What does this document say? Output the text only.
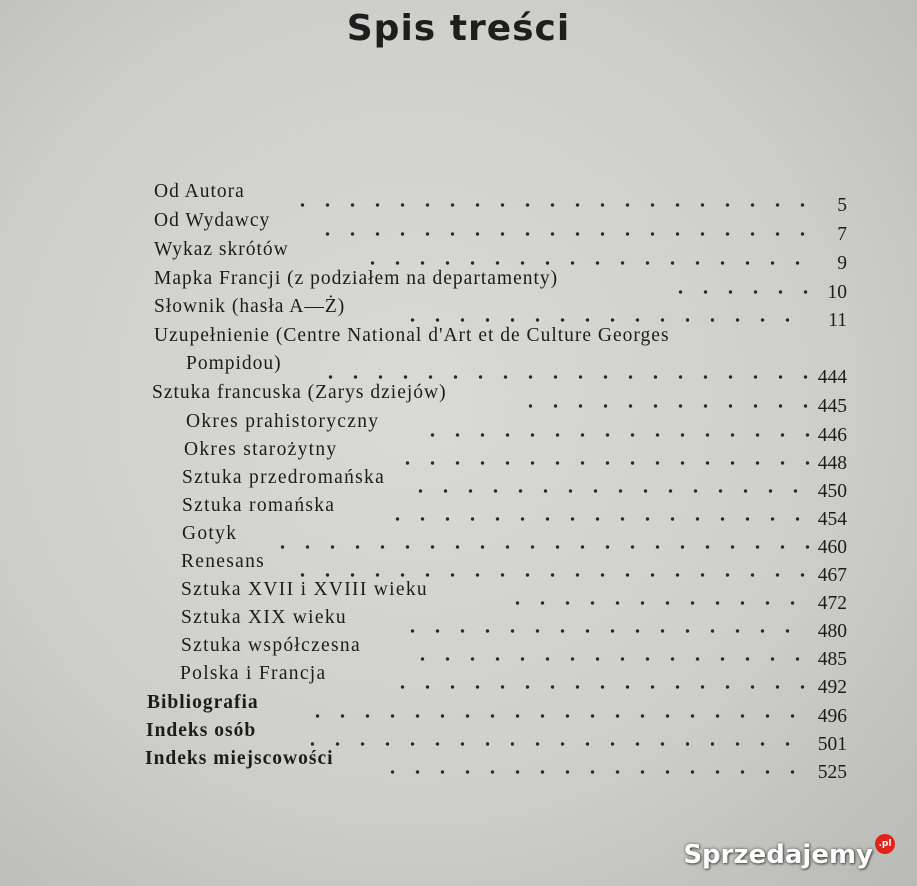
Spis treści
Od Autora
5
Od Wydawcy
7
Wykaz skrótów
9
Mapka Francji (z podziałem na departamenty)
10
Słownik (hasła A—Ż)
11
Uzupełnienie (Centre National d'Art et de Culture Georges
Pompidou)
444
Sztuka francuska (Zarys dziejów)
445
Okres prahistoryczny
446
Okres starożytny
448
Sztuka przedromańska
450
Sztuka romańska
454
Gotyk
460
Renesans
467
Sztuka XVII i XVIII wieku
472
Sztuka XIX wieku
480
Sztuka współczesna
485
Polska i Francja
492
Bibliografia
496
Indeks osób
501
Indeks miejscowości
525
Sprzedajemy .pl
